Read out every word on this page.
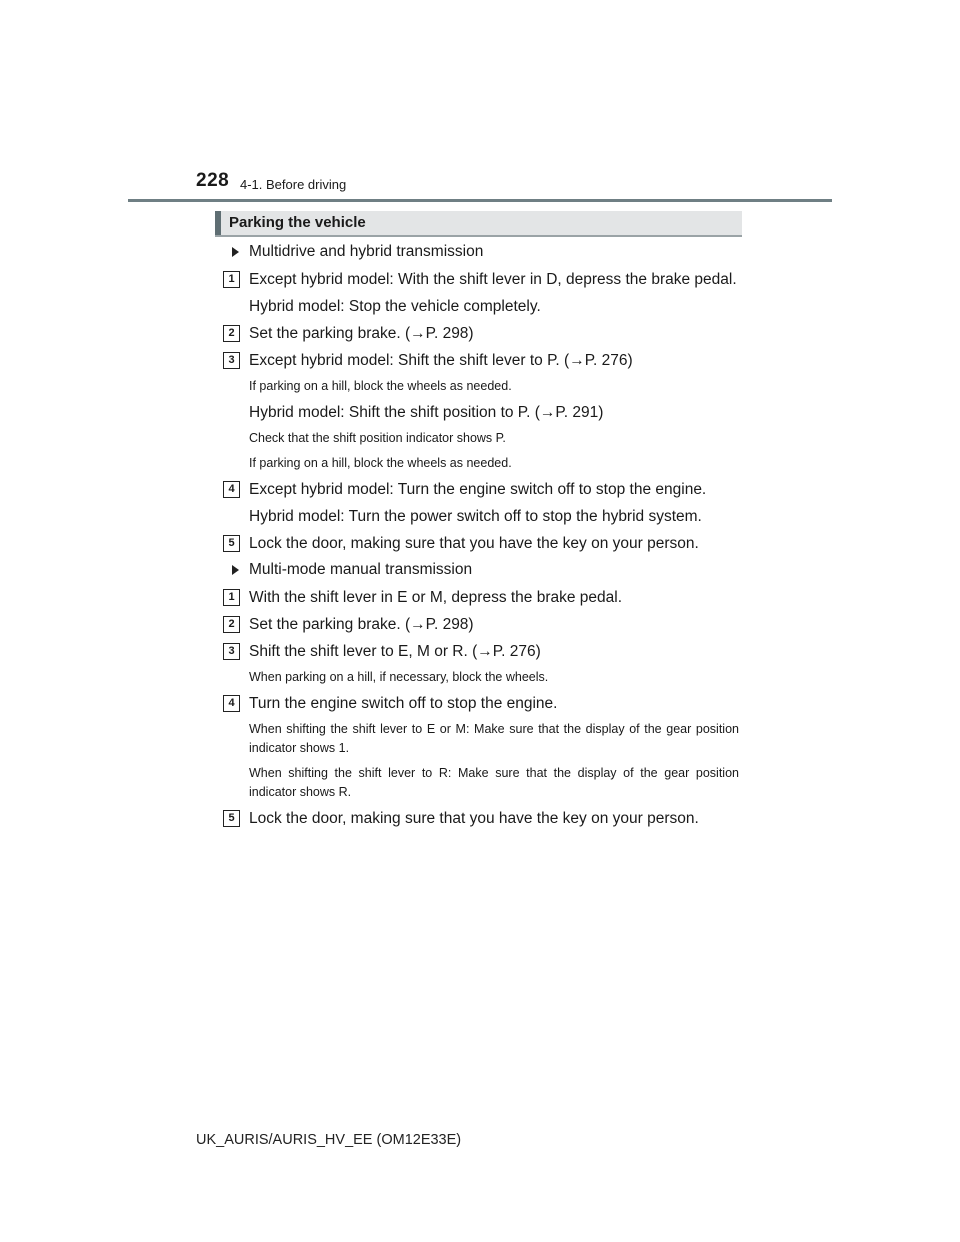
228 4-1. Before driving
Parking the vehicle
Multidrive and hybrid transmission
1 Except hybrid model: With the shift lever in D, depress the brake pedal.
Hybrid model: Stop the vehicle completely.
2 Set the parking brake. (→P. 298)
3 Except hybrid model: Shift the shift lever to P. (→P. 276)
If parking on a hill, block the wheels as needed.
Hybrid model: Shift the shift position to P. (→P. 291)
Check that the shift position indicator shows P.
If parking on a hill, block the wheels as needed.
4 Except hybrid model: Turn the engine switch off to stop the engine.
Hybrid model: Turn the power switch off to stop the hybrid system.
5 Lock the door, making sure that you have the key on your person.
Multi-mode manual transmission
1 With the shift lever in E or M, depress the brake pedal.
2 Set the parking brake. (→P. 298)
3 Shift the shift lever to E, M or R. (→P. 276)
When parking on a hill, if necessary, block the wheels.
4 Turn the engine switch off to stop the engine.
When shifting the shift lever to E or M: Make sure that the display of the gear position indicator shows 1.
When shifting the shift lever to R: Make sure that the display of the gear position indicator shows R.
5 Lock the door, making sure that you have the key on your person.
UK_AURIS/AURIS_HV_EE (OM12E33E)
